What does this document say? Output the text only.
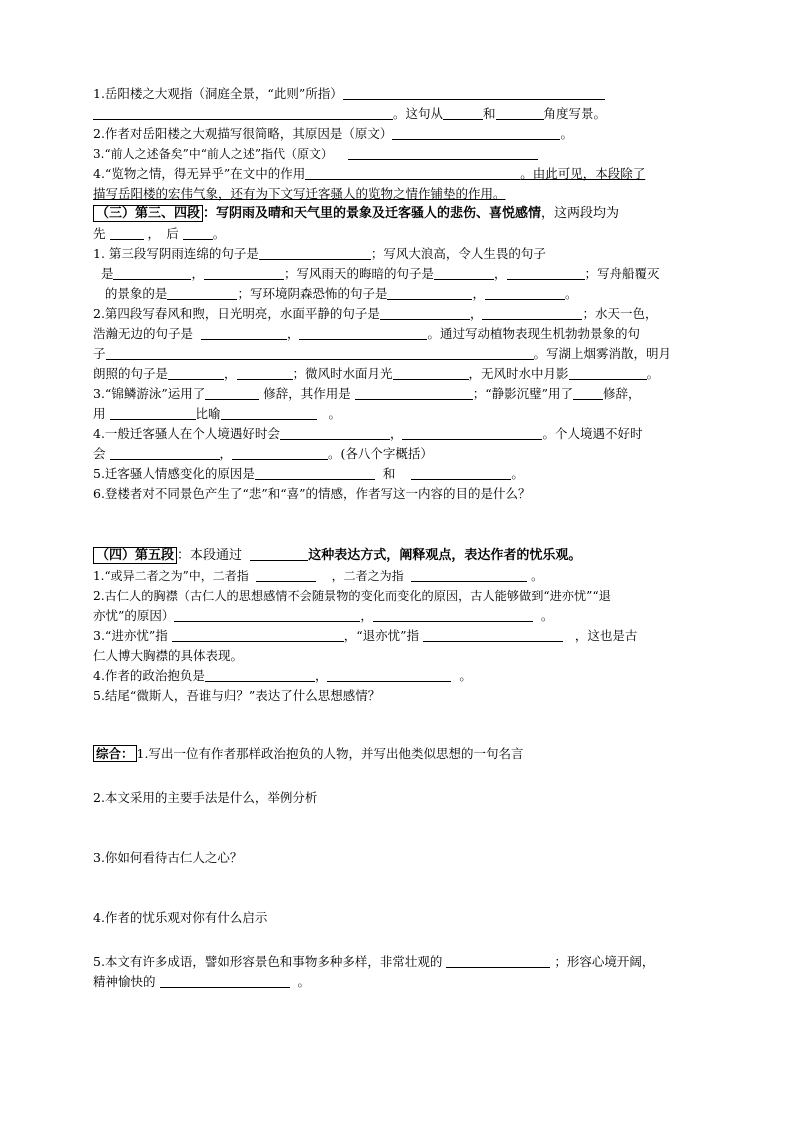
1.岳阳楼之大观指（洞庭全景，“此则”所指）
。这句从	和	角度写景。
2.作者对岳阳楼之大观描写很简略，其原因是（原文）	。
3.“前人之述备矣”中“前人之述”指代（原文）
4.“览物之情，得无异乎”在文中的作用	。由此可见，本段除了
描写岳阳楼的宏伟气象，还有为下文写迁客骚人的览物之情作铺垫的作用。
（三）第三、四段 ：写阴雨及晴和天气里的景象及迁客骚人的悲伤、喜悦感情，这两段均为
先	，　后	。
1. 第三段写阴雨连绵的句子是	；写风大浪高，令人生畏的句子
是	，	；写风雨天的晦暗的句子是	，	；写舟船覆灭
的景象的是	；写环境阴森恐怖的句子是	，	。
2.第四段写春风和煦，日光明亮，水面平静的句子是	，	；水天一色，
浩瀚无边的句子是	，	。通过写动植物表现生机勃勃景象的句
子	。写湖上烟雾消散，明月
朗照的句子是	，	；微风时水面月光	，无风时水中月影	。
3.“锦鳞游泳”运用了	修辞，其作用是	；“静影沉璧”用了 修辞，
用	比喻	。
4.一般迁客骚人在个人境遇好时会	，	。个人境遇不好时
会	，	。(各八个字概括）
5.迁客骚人情感变化的原因是	和	。
6.登楼者对不同景色产生了“悲”和“喜”的情感，作者写这一内容的目的是什么？
（四）第五段 ：本段通过	这种表达方式，阐释观点，表达作者的忧乐观。
1.“或异二者之为”中，二者指	，二者之为指	。
2.古仁人的胸襟（古仁人的思想感情不会随景物的变化而变化的原因，古人能够做到“进亦忧”“退
亦忧”的原因）	，	。
3.“进亦忧”指	，“退亦忧”指	，这也是古
仁人博大胸襟的具体表现。
4.作者的政治抱负是	，	。
5.结尾“微斯人，吾谁与归？”表达了什么思想感情？
综合： 1.写出一位有作者那样政治抱负的人物，并写出他类似思想的一句名言
2.本文采用的主要手法是什么，举例分析
3.你如何看待古仁人之心？
4.作者的忧乐观对你有什么启示
5.本文有许多成语，譬如形容景色和事物多种多样，非常壮观的	；形容心境开阔，
精神愉快的	。
